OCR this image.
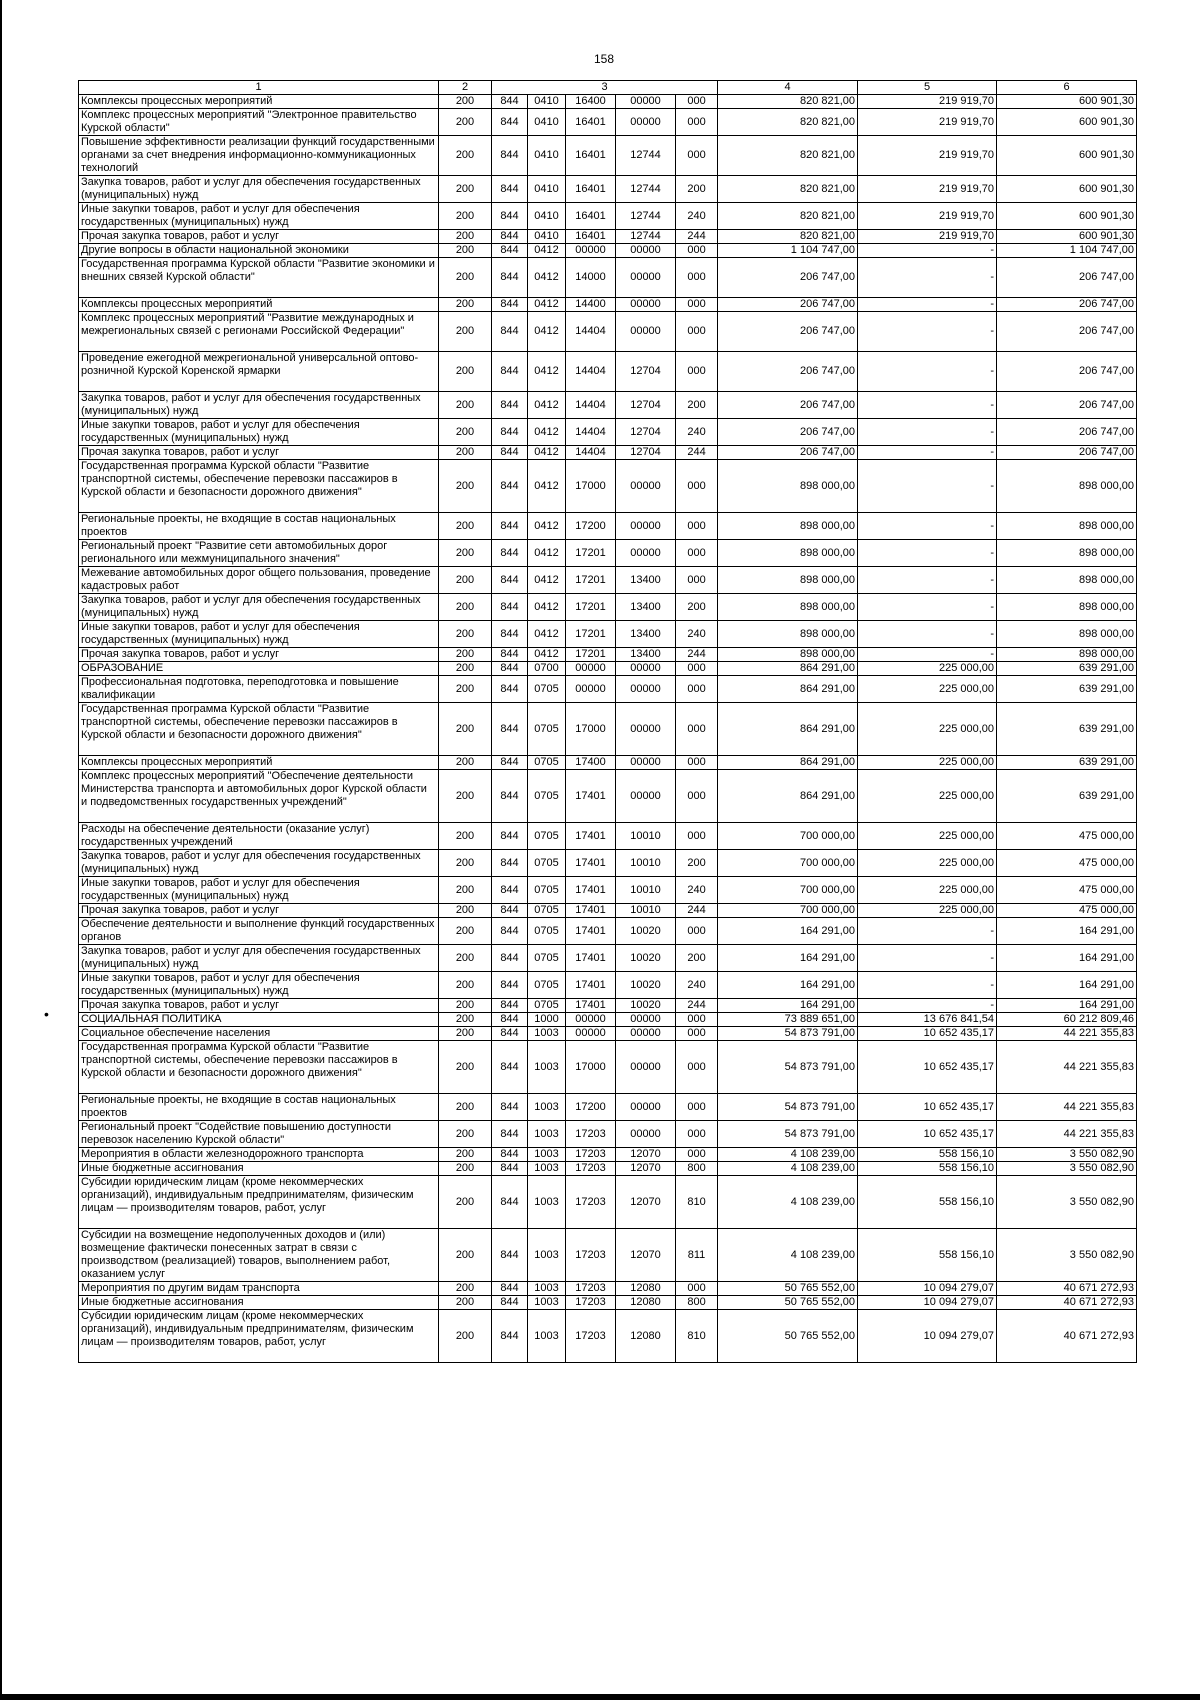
•
158
1	2	3					4	5	6
Комплексы процессных мероприятий	200	844	0410	16400	00000	000	820 821,00	219 919,70	600 901,30
Комплекс процессных мероприятий "Электронное правительство Курской области"	200	844	0410	16401	00000	000	820 821,00	219 919,70	600 901,30
Повышение эффективности реализации функций государственными органами за счет внедрения информационно-коммуникационных технологий	200	844	0410	16401	12744	000	820 821,00	219 919,70	600 901,30
Закупка товаров, работ и услуг для обеспечения государственных (муниципальных) нужд	200	844	0410	16401	12744	200	820 821,00	219 919,70	600 901,30
Иные закупки товаров, работ и услуг для обеспечения государственных (муниципальных) нужд	200	844	0410	16401	12744	240	820 821,00	219 919,70	600 901,30
Прочая закупка товаров, работ и услуг	200	844	0410	16401	12744	244	820 821,00	219 919,70	600 901,30
Другие вопросы в области национальной экономики	200	844	0412	00000	00000	000	1 104 747,00	-	1 104 747,00
Государственная программа Курской области "Развитие экономики и внешних связей Курской области"	200	844	0412	14000	00000	000	206 747,00	-	206 747,00
Комплексы процессных мероприятий	200	844	0412	14400	00000	000	206 747,00	-	206 747,00
Комплекс процессных мероприятий "Развитие международных и межрегиональных связей с регионами Российской Федерации"	200	844	0412	14404	00000	000	206 747,00	-	206 747,00
Проведение ежегодной межрегиональной универсальной оптово-розничной Курской Коренской ярмарки	200	844	0412	14404	12704	000	206 747,00	-	206 747,00
Закупка товаров, работ и услуг для обеспечения государственных (муниципальных) нужд	200	844	0412	14404	12704	200	206 747,00	-	206 747,00
Иные закупки товаров, работ и услуг для обеспечения государственных (муниципальных) нужд	200	844	0412	14404	12704	240	206 747,00	-	206 747,00
Прочая закупка товаров, работ и услуг	200	844	0412	14404	12704	244	206 747,00	-	206 747,00
Государственная программа Курской области "Развитие транспортной системы, обеспечение перевозки пассажиров в Курской области и безопасности дорожного движения"	200	844	0412	17000	00000	000	898 000,00	-	898 000,00
Региональные проекты, не входящие в состав национальных проектов	200	844	0412	17200	00000	000	898 000,00	-	898 000,00
Региональный проект "Развитие сети автомобильных дорог регионального или межмуниципального значения"	200	844	0412	17201	00000	000	898 000,00	-	898 000,00
Межевание автомобильных дорог общего пользования, проведение кадастровых работ	200	844	0412	17201	13400	000	898 000,00	-	898 000,00
Закупка товаров, работ и услуг для обеспечения государственных (муниципальных) нужд	200	844	0412	17201	13400	200	898 000,00	-	898 000,00
Иные закупки товаров, работ и услуг для обеспечения государственных (муниципальных) нужд	200	844	0412	17201	13400	240	898 000,00	-	898 000,00
Прочая закупка товаров, работ и услуг	200	844	0412	17201	13400	244	898 000,00	-	898 000,00
ОБРАЗОВАНИЕ	200	844	0700	00000	00000	000	864 291,00	225 000,00	639 291,00
Профессиональная подготовка, переподготовка и повышение квалификации	200	844	0705	00000	00000	000	864 291,00	225 000,00	639 291,00
Государственная программа Курской области "Развитие транспортной системы, обеспечение перевозки пассажиров в Курской области и безопасности дорожного движения"	200	844	0705	17000	00000	000	864 291,00	225 000,00	639 291,00
Комплексы процессных мероприятий	200	844	0705	17400	00000	000	864 291,00	225 000,00	639 291,00
Комплекс процессных мероприятий "Обеспечение деятельности Министерства транспорта и автомобильных дорог Курской области и подведомственных государственных учреждений"	200	844	0705	17401	00000	000	864 291,00	225 000,00	639 291,00
Расходы на обеспечение деятельности (оказание услуг) государственных учреждений	200	844	0705	17401	10010	000	700 000,00	225 000,00	475 000,00
Закупка товаров, работ и услуг для обеспечения государственных (муниципальных) нужд	200	844	0705	17401	10010	200	700 000,00	225 000,00	475 000,00
Иные закупки товаров, работ и услуг для обеспечения государственных (муниципальных) нужд	200	844	0705	17401	10010	240	700 000,00	225 000,00	475 000,00
Прочая закупка товаров, работ и услуг	200	844	0705	17401	10010	244	700 000,00	225 000,00	475 000,00
Обеспечение деятельности и выполнение функций государственных органов	200	844	0705	17401	10020	000	164 291,00	-	164 291,00
Закупка товаров, работ и услуг для обеспечения государственных (муниципальных) нужд	200	844	0705	17401	10020	200	164 291,00	-	164 291,00
Иные закупки товаров, работ и услуг для обеспечения государственных (муниципальных) нужд	200	844	0705	17401	10020	240	164 291,00	-	164 291,00
Прочая закупка товаров, работ и услуг	200	844	0705	17401	10020	244	164 291,00	-	164 291,00
СОЦИАЛЬНАЯ ПОЛИТИКА	200	844	1000	00000	00000	000	73 889 651,00	13 676 841,54	60 212 809,46
Социальное обеспечение населения	200	844	1003	00000	00000	000	54 873 791,00	10 652 435,17	44 221 355,83
Государственная программа Курской области "Развитие транспортной системы, обеспечение перевозки пассажиров в Курской области и безопасности дорожного движения"	200	844	1003	17000	00000	000	54 873 791,00	10 652 435,17	44 221 355,83
Региональные проекты, не входящие в состав национальных проектов	200	844	1003	17200	00000	000	54 873 791,00	10 652 435,17	44 221 355,83
Региональный проект "Содействие повышению доступности перевозок населению Курской области"	200	844	1003	17203	00000	000	54 873 791,00	10 652 435,17	44 221 355,83
Мероприятия в области железнодорожного транспорта	200	844	1003	17203	12070	000	4 108 239,00	558 156,10	3 550 082,90
Иные бюджетные ассигнования	200	844	1003	17203	12070	800	4 108 239,00	558 156,10	3 550 082,90
Субсидии юридическим лицам (кроме некоммерческих организаций), индивидуальным предпринимателям, физическим лицам — производителям товаров, работ, услуг	200	844	1003	17203	12070	810	4 108 239,00	558 156,10	3 550 082,90
Субсидии на возмещение недополученных доходов и (или) возмещение фактически понесенных затрат в связи с производством (реализацией) товаров, выполнением работ, оказанием услуг	200	844	1003	17203	12070	811	4 108 239,00	558 156,10	3 550 082,90
Мероприятия по другим видам транспорта	200	844	1003	17203	12080	000	50 765 552,00	10 094 279,07	40 671 272,93
Иные бюджетные ассигнования	200	844	1003	17203	12080	800	50 765 552,00	10 094 279,07	40 671 272,93
Субсидии юридическим лицам (кроме некоммерческих организаций), индивидуальным предпринимателям, физическим лицам — производителям товаров, работ, услуг	200	844	1003	17203	12080	810	50 765 552,00	10 094 279,07	40 671 272,93
